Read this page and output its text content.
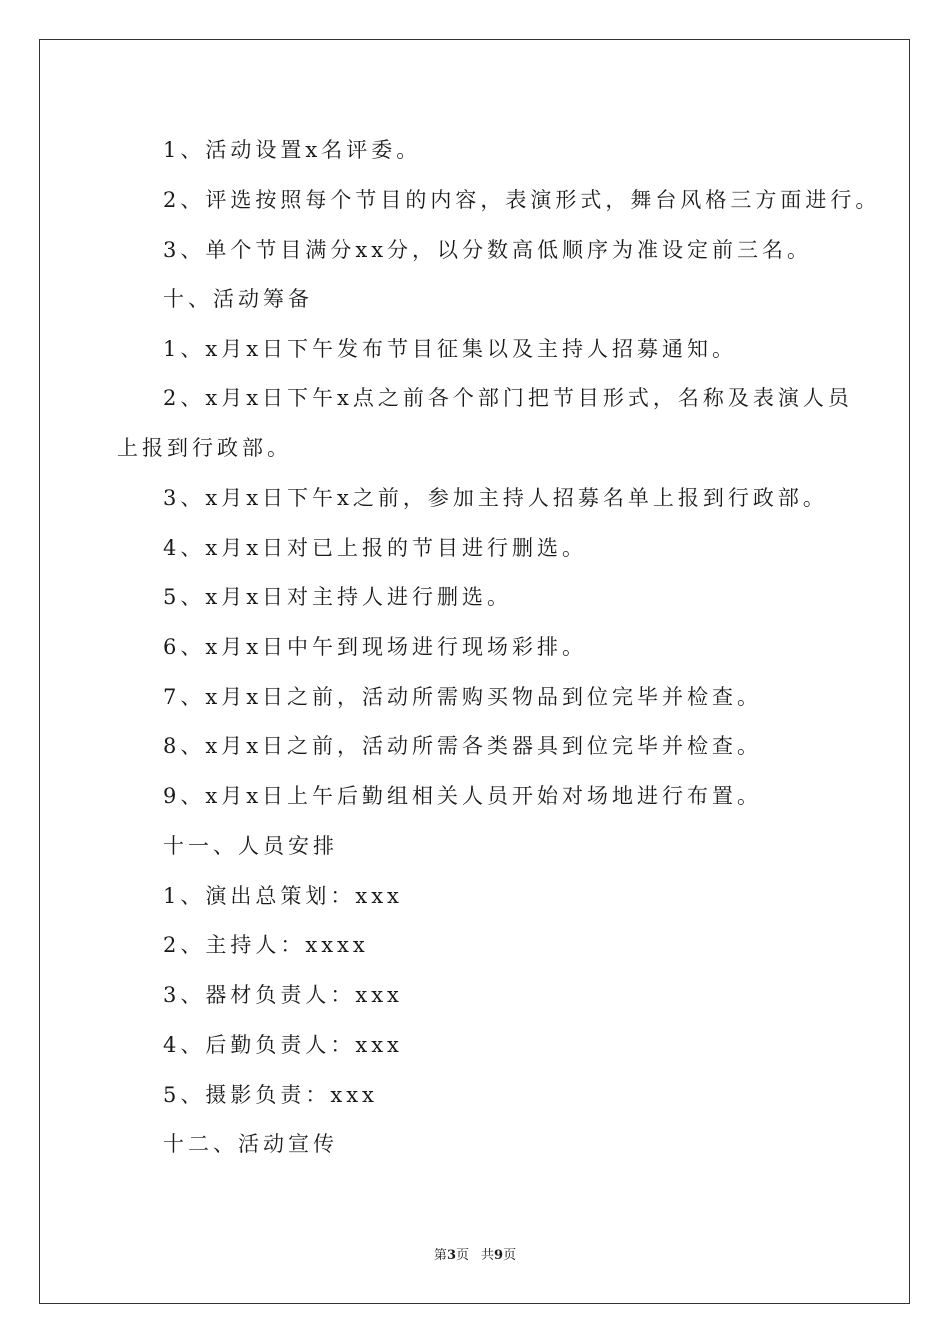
1、活动设置x名评委。
2、评选按照每个节目的内容，表演形式，舞台风格三方面进行。
3、单个节目满分xx分，以分数高低顺序为准设定前三名。
十、活动筹备
1、x月x日下午发布节目征集以及主持人招募通知。
2、x月x日下午x点之前各个部门把节目形式，名称及表演人员
上报到行政部。
3、x月x日下午x之前，参加主持人招募名单上报到行政部。
4、x月x日对已上报的节目进行删选。
5、x月x日对主持人进行删选。
6、x月x日中午到现场进行现场彩排。
7、x月x日之前，活动所需购买物品到位完毕并检查。
8、x月x日之前，活动所需各类器具到位完毕并检查。
9、x月x日上午后勤组相关人员开始对场地进行布置。
十一、人员安排
1、演出总策划：xxx
2、主持人：xxxx
3、器材负责人：xxx
4、后勤负责人：xxx
5、摄影负责：xxx
十二、活动宣传
第3页 共9页
